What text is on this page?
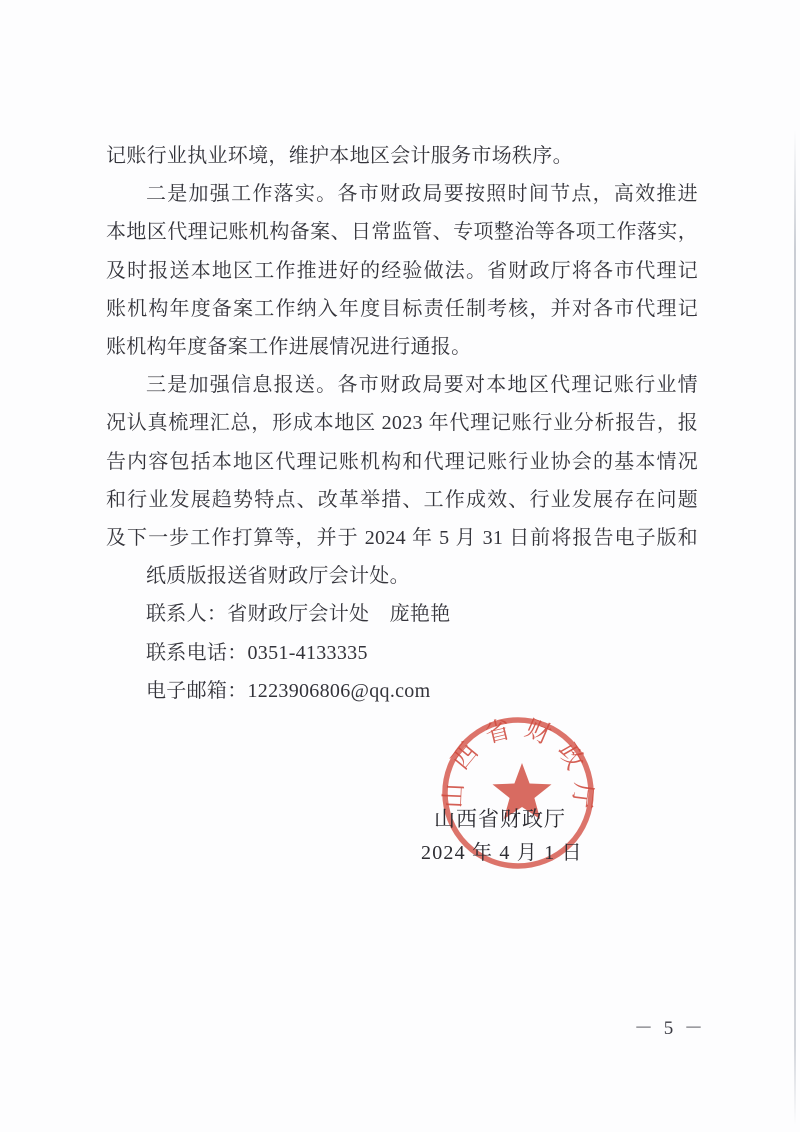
记账行业执业环境，维护本地区会计服务市场秩序。
二是加强工作落实。各市财政局要按照时间节点，高效推进
本地区代理记账机构备案、日常监管、专项整治等各项工作落实，
及时报送本地区工作推进好的经验做法。省财政厅将各市代理记
账机构年度备案工作纳入年度目标责任制考核，并对各市代理记
账机构年度备案工作进展情况进行通报。
三是加强信息报送。各市财政局要对本地区代理记账行业情
况认真梳理汇总，形成本地区 2023 年代理记账行业分析报告，报
告内容包括本地区代理记账机构和代理记账行业协会的基本情况
和行业发展趋势特点、改革举措、工作成效、行业发展存在问题
及下一步工作打算等，并于 2024 年 5 月 31 日前将报告电子版和
纸质版报送省财政厅会计处。
联系人：省财政厅会计处　庞艳艳
联系电话：0351-4133335
电子邮箱：1223906806@qq.com
山西省财政厅
山西省财政厅
2024 年 4 月 1 日
－ 5 －
